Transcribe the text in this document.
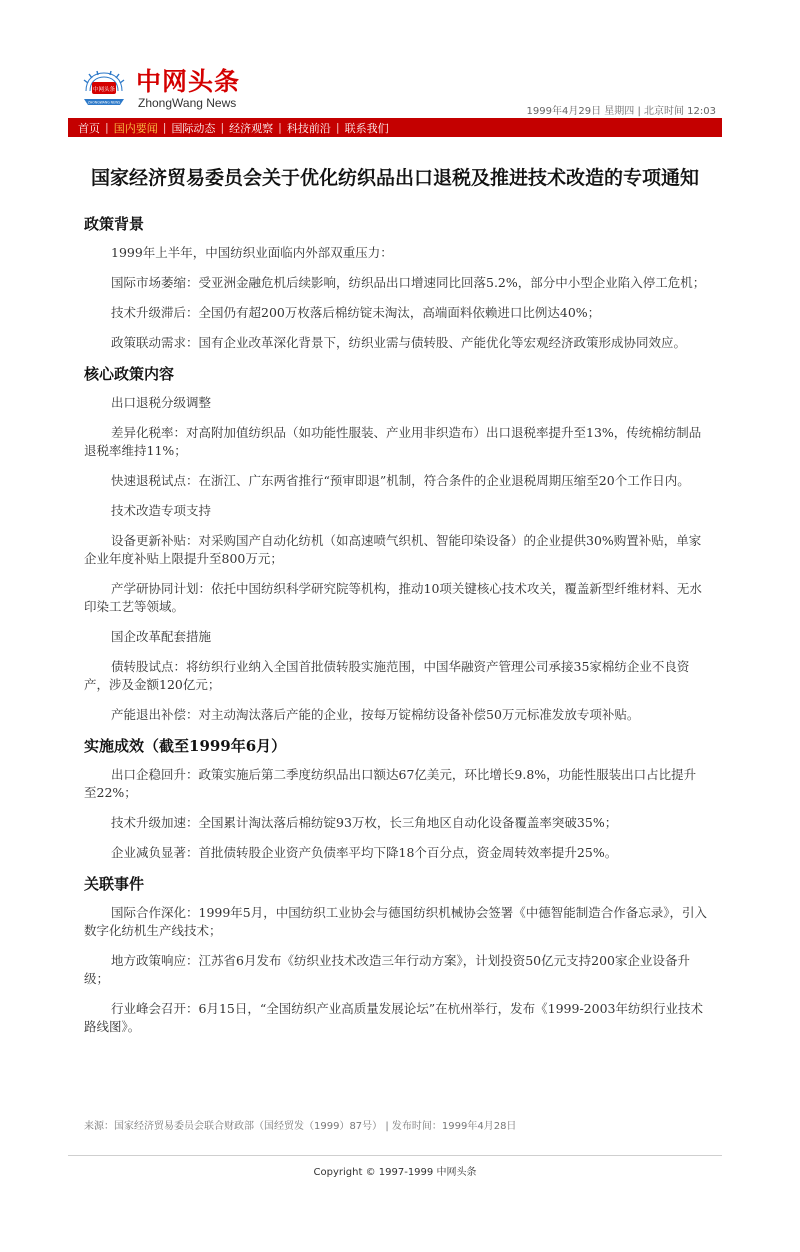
中网头条
ZHONGWANG NEWS
中网头条
ZhongWang News
1999年4月29日 星期四 | 北京时间 12:03
首页 | 国内要闻 | 国际动态 | 经济观察 | 科技前沿 | 联系我们
国家经济贸易委员会关于优化纺织品出口退税及推进技术改造的专项通知
政策背景

1999年上半年，中国纺织业面临内外部双重压力：

国际市场萎缩：受亚洲金融危机后续影响，纺织品出口增速同比回落5.2%，部分中小型企业陷入停工危机；

技术升级滞后：全国仍有超200万枚落后棉纺锭未淘汰，高端面料依赖进口比例达40%；

政策联动需求：国有企业改革深化背景下，纺织业需与债转股、产能优化等宏观经济政策形成协同效应。

核心政策内容

出口退税分级调整

差异化税率：对高附加值纺织品（如功能性服装、产业用非织造布）出口退税率提升至13%，传统棉纺制品退税率维持11%；

快速退税试点：在浙江、广东两省推行“预审即退”机制，符合条件的企业退税周期压缩至20个工作日内。

技术改造专项支持

设备更新补贴：对采购国产自动化纺机（如高速喷气织机、智能印染设备）的企业提供30%购置补贴，单家企业年度补贴上限提升至800万元；

产学研协同计划：依托中国纺织科学研究院等机构，推动10项关键核心技术攻关，覆盖新型纤维材料、无水印染工艺等领域。

国企改革配套措施

债转股试点：将纺织行业纳入全国首批债转股实施范围，中国华融资产管理公司承接35家棉纺企业不良资产，涉及金额120亿元；

产能退出补偿：对主动淘汰落后产能的企业，按每万锭棉纺设备补偿50万元标准发放专项补贴。

实施成效（截至1999年6月）

出口企稳回升：政策实施后第二季度纺织品出口额达67亿美元，环比增长9.8%，功能性服装出口占比提升至22%；

技术升级加速：全国累计淘汰落后棉纺锭93万枚，长三角地区自动化设备覆盖率突破35%；

企业减负显著：首批债转股企业资产负债率平均下降18个百分点，资金周转效率提升25%。

关联事件

国际合作深化：1999年5月，中国纺织工业协会与德国纺织机械协会签署《中德智能制造合作备忘录》，引入数字化纺机生产线技术；

地方政策响应：江苏省6月发布《纺织业技术改造三年行动方案》，计划投资50亿元支持200家企业设备升级；

行业峰会召开：6月15日，“全国纺织产业高质量发展论坛”在杭州举行，发布《1999-2003年纺织行业技术路线图》。

来源：国家经济贸易委员会联合财政部（国经贸发（1999）87号） | 发布时间：1999年4月28日
Copyright © 1997-1999 中网头条
